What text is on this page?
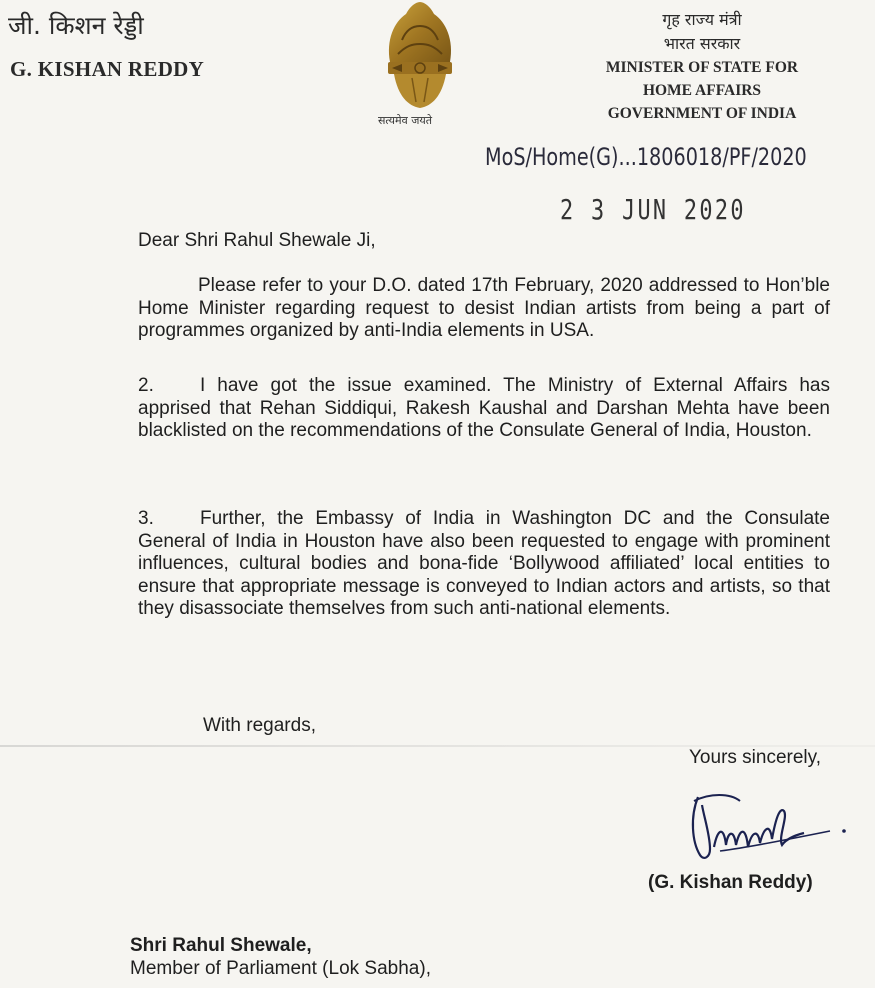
जी. किशन रेड्डी
G. KISHAN REDDY
सत्यमेव जयते
गृह राज्य मंत्री
भारत सरकार
MINISTER OF STATE FOR
HOME AFFAIRS
GOVERNMENT OF INDIA
MoS/Home(G)...1806018/PF/2020
2 3 JUN 2020
Dear Shri Rahul Shewale Ji,
Please refer to your D.O. dated 17th February, 2020 addressed to Hon’ble Home Minister regarding request to desist Indian artists from being a part of programmes organized by anti-India elements in USA.
2. I have got the issue examined. The Ministry of External Affairs has apprised that Rehan Siddiqui, Rakesh Kaushal and Darshan Mehta have been blacklisted on the recommendations of the Consulate General of India, Houston.
3. Further, the Embassy of India in Washington DC and the Consulate General of India in Houston have also been requested to engage with prominent influences, cultural bodies and bona-fide ‘Bollywood affiliated’ local entities to ensure that appropriate message is conveyed to Indian actors and artists, so that they disassociate themselves from such anti-national elements.
With regards,
Yours sincerely,
(G. Kishan Reddy)
Shri Rahul Shewale,
Member of Parliament (Lok Sabha),
